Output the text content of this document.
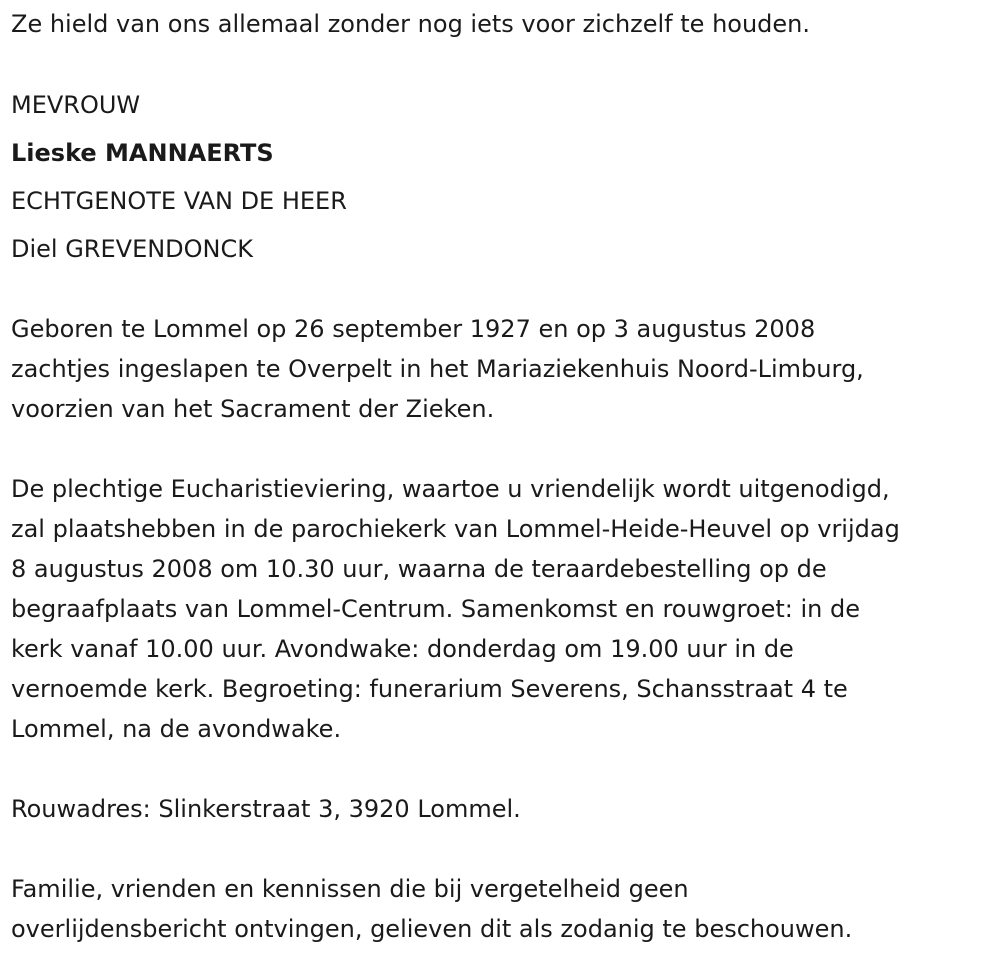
Ze hield van ons allemaal zonder nog iets voor zichzelf te houden.
MEVROUW
Lieske MANNAERTS
ECHTGENOTE VAN DE HEER
Diel GREVENDONCK
Geboren te Lommel op 26 september 1927 en op 3 augustus 2008
zachtjes ingeslapen te Overpelt in het Mariaziekenhuis Noord-Limburg,
voorzien van het Sacrament der Zieken.
De plechtige Eucharistieviering, waartoe u vriendelijk wordt uitgenodigd,
zal plaatshebben in de parochiekerk van Lommel-Heide-Heuvel op vrijdag
8 augustus 2008 om 10.30 uur, waarna de teraardebestelling op de
begraafplaats van Lommel-Centrum. Samenkomst en rouwgroet: in de
kerk vanaf 10.00 uur. Avondwake: donderdag om 19.00 uur in de
vernoemde kerk. Begroeting: funerarium Severens, Schansstraat 4 te
Lommel, na de avondwake.
Rouwadres: Slinkerstraat 3, 3920 Lommel.
Familie, vrienden en kennissen die bij vergetelheid geen
overlijdensbericht ontvingen, gelieven dit als zodanig te beschouwen.
